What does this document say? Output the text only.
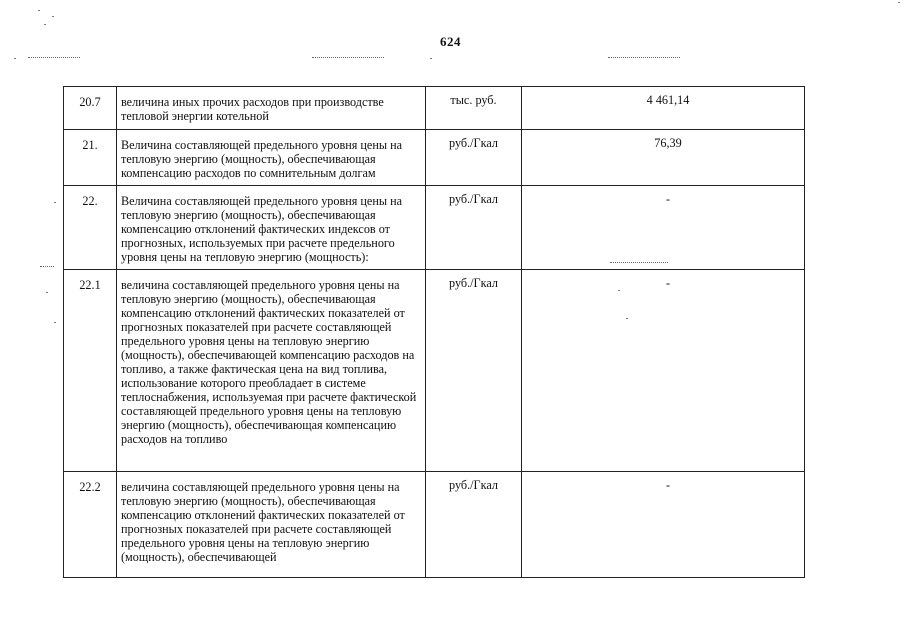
624
20.7	величина иных прочих расходов при производстве тепловой энергии котельной	тыс. руб.	4 461,14
21.	Величина составляющей предельного уровня цены на тепловую энергию (мощность), обеспечивающая компенсацию расходов по сомнительным долгам	руб./Гкал	76,39
22.	Величина составляющей предельного уровня цены на тепловую энергию (мощность), обеспечивающая компенсацию отклонений фактических индексов от прогнозных, используемых при расчете предельного уровня цены на тепловую энергию (мощность):	руб./Гкал	-
22.1	величина составляющей предельного уровня цены на тепловую энергию (мощность), обеспечивающая компенсацию отклонений фактических показателей от прогнозных показателей при расчете составляющей предельного уровня цены на тепловую энергию (мощность), обеспечивающей компенсацию расходов на топливо, а также фактическая цена на вид топлива, использование которого преобладает в системе теплоснабжения, используемая при расчете фактической составляющей предельного уровня цены на тепловую энергию (мощность), обеспечивающая компенсацию расходов на топливо	руб./Гкал	-
22.2	величина составляющей предельного уровня цены на тепловую энергию (мощность), обеспечивающая компенсацию отклонений фактических показателей от прогнозных показателей при расчете составляющей предельного уровня цены на тепловую энергию (мощность), обеспечивающей	руб./Гкал	-
